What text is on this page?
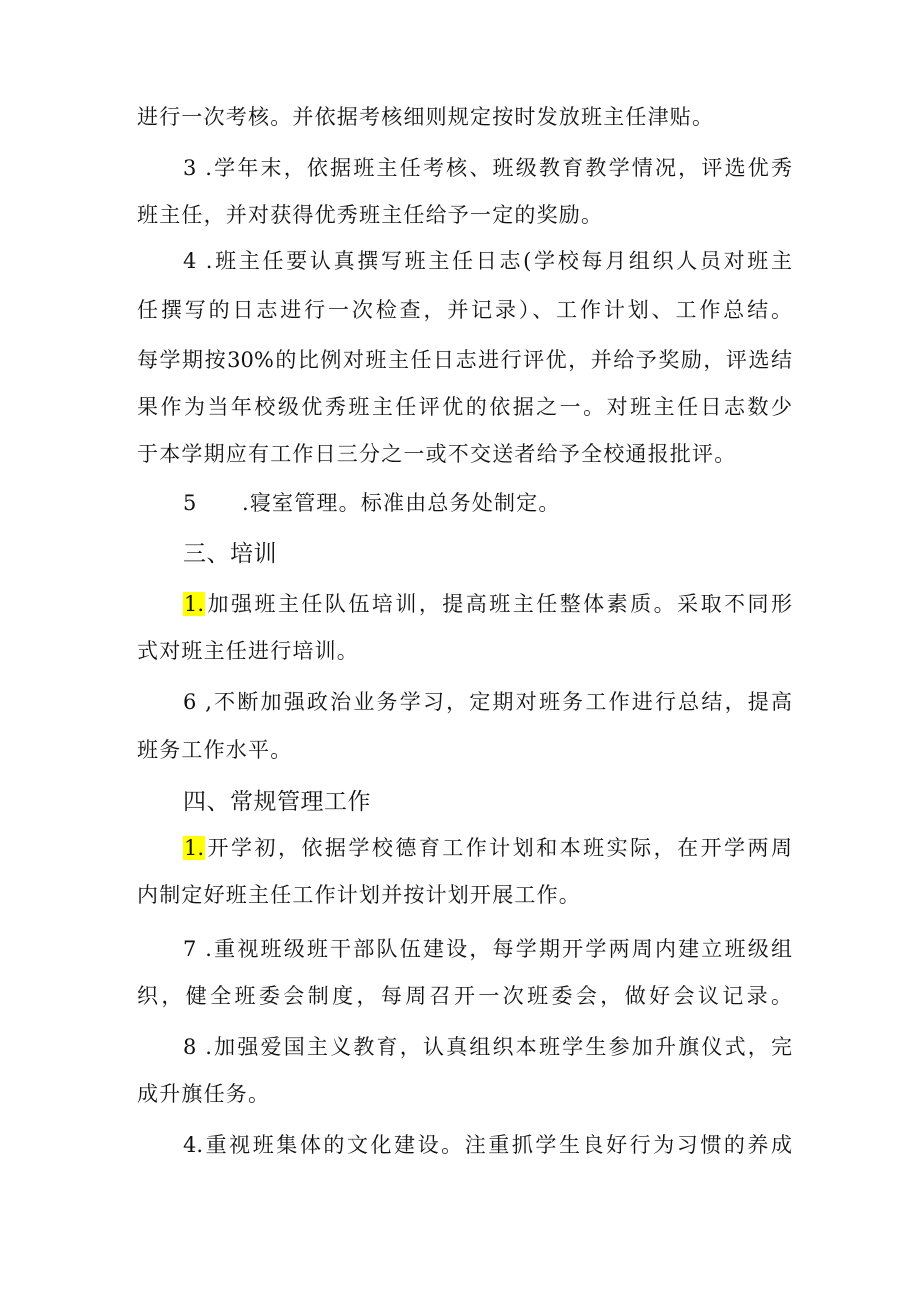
进行一次考核。并依据考核细则规定按时发放班主任津贴。
3 .学年末，依据班主任考核、班级教育教学情况，评选优秀
班主任，并对获得优秀班主任给予一定的奖励。
4 .班主任要认真撰写班主任日志(学校每月组织人员对班主
任撰写的日志进行一次检查，并记录）、工作计划、工作总结。
每学期按30%的比例对班主任日志进行评优，并给予奖励，评选结
果作为当年校级优秀班主任评优的依据之一。对班主任日志数少
于本学期应有工作日三分之一或不交送者给予全校通报批评。
5　　.寝室管理。标准由总务处制定。
三、培训
1.加强班主任队伍培训，提高班主任整体素质。采取不同形
式对班主任进行培训。
6 ,不断加强政治业务学习，定期对班务工作进行总结，提高
班务工作水平。
四、常规管理工作
1.开学初，依据学校德育工作计划和本班实际，在开学两周
内制定好班主任工作计划并按计划开展工作。
7 .重视班级班干部队伍建设，每学期开学两周内建立班级组
织，健全班委会制度，每周召开一次班委会，做好会议记录。
8 .加强爱国主义教育，认真组织本班学生参加升旗仪式，完
成升旗任务。
4.重视班集体的文化建设。注重抓学生良好行为习惯的养成
